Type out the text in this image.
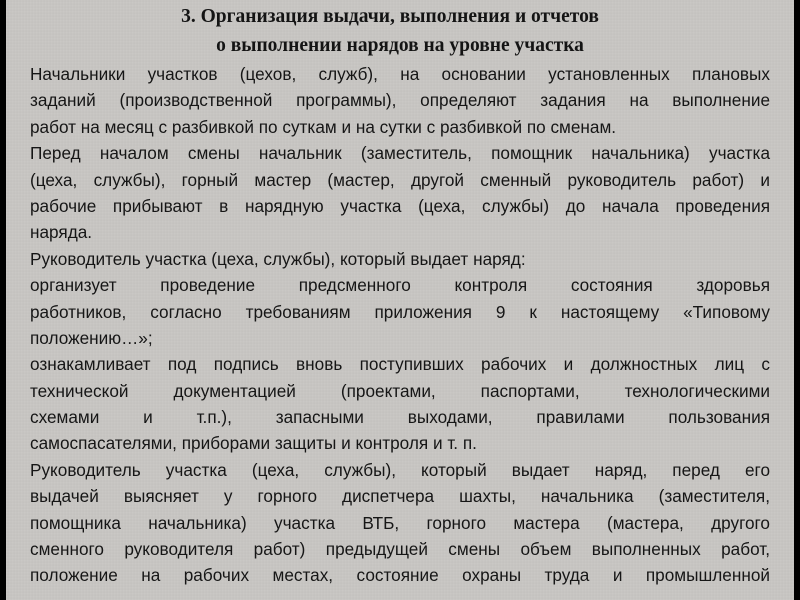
3. Организация выдачи, выполнения и отчетов
о выполнении нарядов на уровне участка
Начальники участков (цехов, служб), на основании установленных плановых
заданий (производственной программы), определяют задания на выполнение
работ на месяц с разбивкой по суткам и на сутки с разбивкой по сменам.
Перед началом смены начальник (заместитель, помощник начальника) участка
(цеха, службы), горный мастер (мастер, другой сменный руководитель работ) и
рабочие прибывают в нарядную участка (цеха, службы) до начала проведения
наряда.
Руководитель участка (цеха, службы), который выдает наряд:
организует проведение предсменного контроля состояния здоровья
работников, согласно требованиям приложения 9 к настоящему «Типовому
положению…»;
ознакамливает под подпись вновь поступивших рабочих и должностных лиц с
технической документацией (проектами, паспортами, технологическими
схемами и т.п.), запасными выходами, правилами пользования
самоспасателями, приборами защиты и контроля и т. п.
Руководитель участка (цеха, службы), который выдает наряд, перед его
выдачей выясняет у горного диспетчера шахты, начальника (заместителя,
помощника начальника) участка ВТБ, горного мастера (мастера, другого
сменного руководителя работ) предыдущей смены объем выполненных работ,
положение на рабочих местах, состояние охраны труда и промышленной
